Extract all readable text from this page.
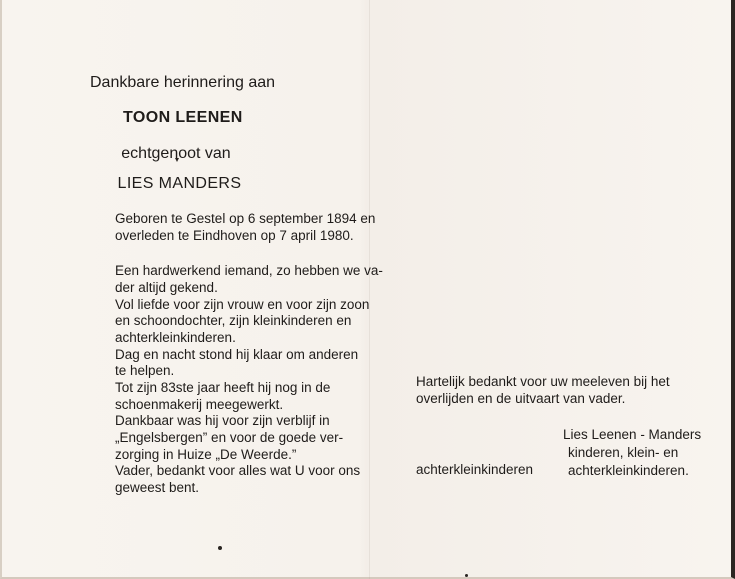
Dankbare herinnering aan
TOON LEENEN
echtgenoot van
LIES MANDERS
Geboren te Gestel op 6 september 1894 en
overleden te Eindhoven op 7 april 1980.
Een hardwerkend iemand, zo hebben we va-
der altijd gekend.
Vol liefde voor zijn vrouw en voor zijn zoon
en schoondochter, zijn kleinkinderen en
achterkleinkinderen.
Dag en nacht stond hij klaar om anderen
te helpen.
Tot zijn 83ste jaar heeft hij nog in de
schoenmakerij meegewerkt.
Dankbaar was hij voor zijn verblijf in
„Engelsbergen” en voor de goede ver-
zorging in Huize „De Weerde.”
Vader, bedankt voor alles wat U voor ons
geweest bent.
Hartelijk bedankt voor uw meeleven bij het
overlijden en de uitvaart van vader.
Lies Leenen - Manders
kinderen, klein- en
achterkleinkinderen.
achterkleinkinderen
